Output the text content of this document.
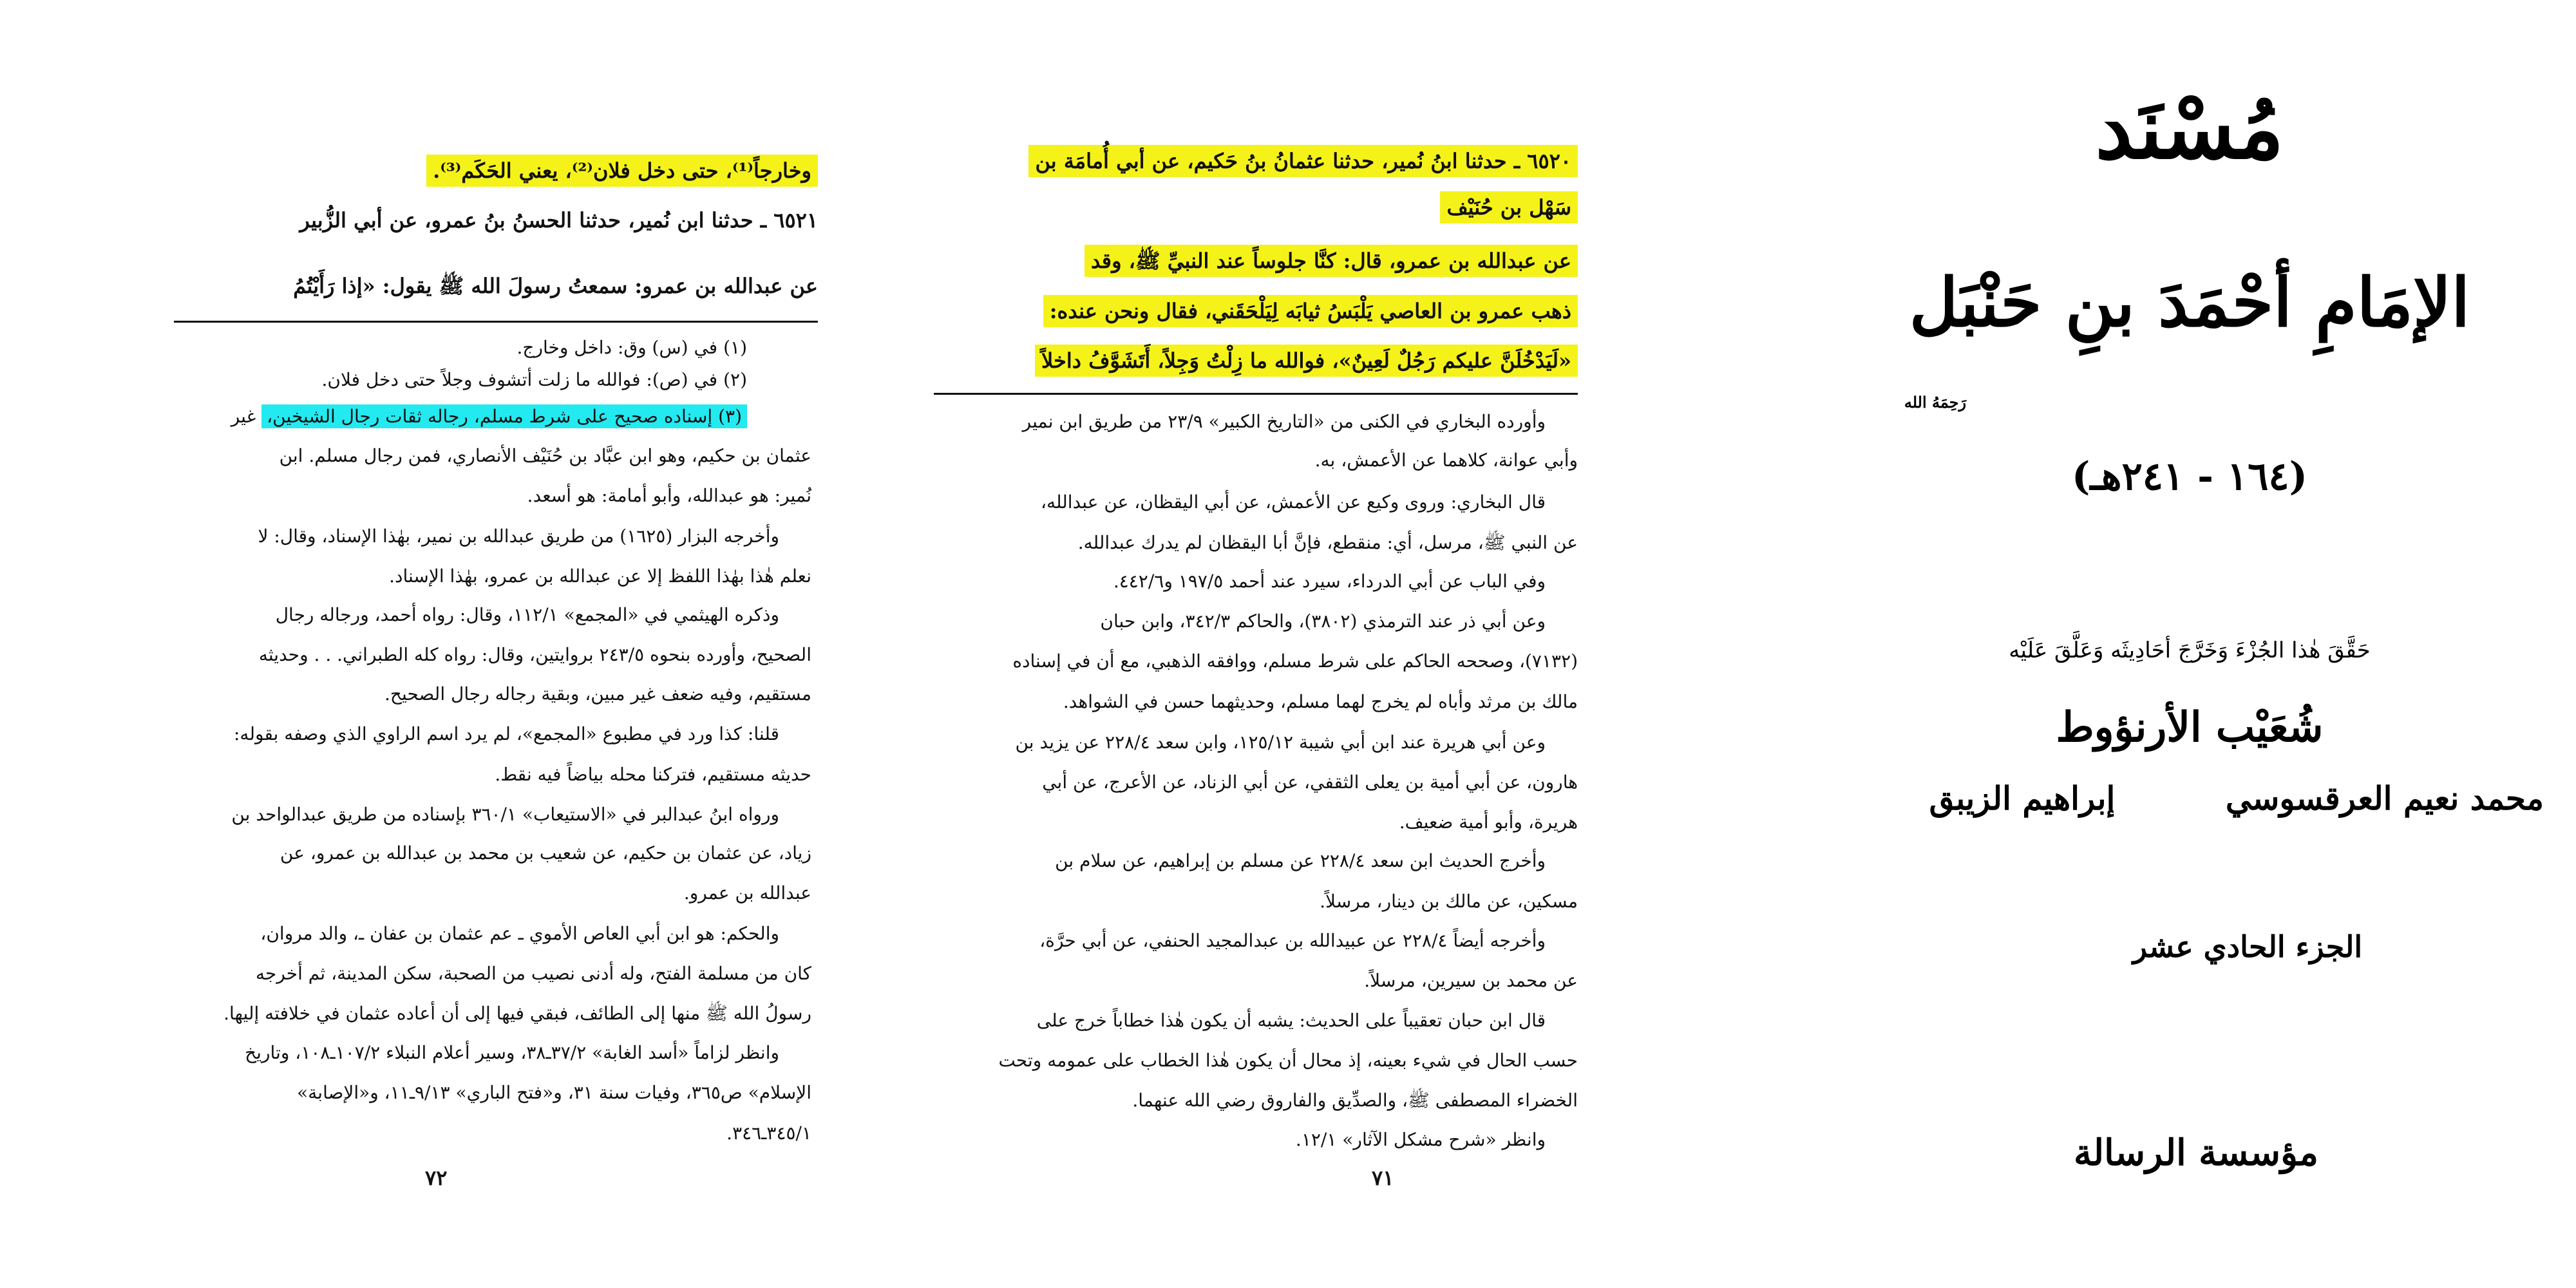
وخارجاً⁽¹⁾، حتى دخل فلان⁽²⁾، يعني الحَكَم⁽³⁾.
٦٥٢١ ـ حدثنا ابن نُمير، حدثنا الحسنُ بنُ عمرو، عن أبي الزُّبير
عن عبدالله بن عمرو: سمعتُ رسولَ الله ﷺ يقول: «إذا رَأَيْتُمُ
(١) في (س) وق: داخل وخارج.
(٢) في (ص): فوالله ما زلت أتشوف وجلاً حتى دخل فلان.
(٣) إسناده صحيح على شرط مسلم، رجاله ثقات رجال الشيخين، غير
عثمان بن حكيم، وهو ابن عبَّاد بن حُنَيْف الأنصاري، فمن رجال مسلم. ابن
نُمير: هو عبدالله، وأبو أمامة: هو أسعد.
وأخرجه البزار (١٦٢٥) من طريق عبدالله بن نمير، بهٰذا الإسناد، وقال: لا
نعلم هٰذا بهٰذا اللفظ إلا عن عبدالله بن عمرو، بهٰذا الإسناد.
وذكره الهيثمي في «المجمع» ١١٢/١، وقال: رواه أحمد، ورجاله رجال
الصحيح، وأورده بنحوه ٢٤٣/٥ بروايتين، وقال: رواه كله الطبراني. . . وحديثه
مستقيم، وفيه ضعف غير مبين، وبقية رجاله رجال الصحيح.
قلنا: كذا ورد في مطبوع «المجمع»، لم يرد اسم الراوي الذي وصفه بقوله:
حديثه مستقيم، فتركنا محله بياضاً فيه نقط.
ورواه ابنُ عبدالبر في «الاستيعاب» ٣٦٠/١ بإسناده من طريق عبدالواحد بن
زياد، عن عثمان بن حكيم، عن شعيب بن محمد بن عبدالله بن عمرو، عن
عبدالله بن عمرو.
والحكم: هو ابن أبي العاص الأموي ـ عم عثمان بن عفان ـ، والد مروان،
كان من مسلمة الفتح، وله أدنى نصيب من الصحبة، سكن المدينة، ثم أخرجه
رسولُ الله ﷺ منها إلى الطائف، فبقي فيها إلى أن أعاده عثمان في خلافته إليها.
وانظر لزاماً «أسد الغابة» ٣٧/٢ـ٣٨، وسير أعلام النبلاء ١٠٧/٢ـ١٠٨، وتاريخ
الإسلام» ص٣٦٥، وفيات سنة ٣١، و«فتح الباري» ٩/١٣ـ١١، و«الإصابة»
٣٤٥/١ـ٣٤٦.
٧٢
٦٥٢٠ ـ حدثنا ابنُ نُمير، حدثنا عثمانُ بنُ حَكيم، عن أبي أُمامَة بن
سَهْل بن حُنَيْف
عن عبدالله بن عمرو، قال: كنَّا جلوساً عند النبيِّ ﷺ، وقد
ذهب عمرو بن العاصي يَلْبَسُ ثيابَه لِيَلْحَقَني، فقال ونحن عنده:
«لَيَدْخُلَنَّ عليكم رَجُلٌ لَعِينٌ»، فوالله ما زِلْتُ وَجِلاً، أَتَشَوَّفُ داخلاً
وأورده البخاري في الكنى من «التاريخ الكبير» ٢٣/٩ من طريق ابن نمير
وأبي عوانة، كلاهما عن الأعمش، به.
قال البخاري: وروى وكيع عن الأعمش، عن أبي اليقظان، عن عبدالله،
عن النبي ﷺ، مرسل، أي: منقطع، فإنَّ أبا اليقظان لم يدرك عبدالله.
وفي الباب عن أبي الدرداء، سيرد عند أحمد ١٩٧/٥ و٤٤٢/٦.
وعن أبي ذر عند الترمذي (٣٨٠٢)، والحاكم ٣٤٢/٣، وابن حبان
(٧١٣٢)، وصححه الحاكم على شرط مسلم، ووافقه الذهبي، مع أن في إسناده
مالك بن مرثد وأباه لم يخرج لهما مسلم، وحديثهما حسن في الشواهد.
وعن أبي هريرة عند ابن أبي شيبة ١٢٥/١٢، وابن سعد ٢٢٨/٤ عن يزيد بن
هارون، عن أبي أمية بن يعلى الثقفي، عن أبي الزناد، عن الأعرج، عن أبي
هريرة، وأبو أمية ضعيف.
وأخرج الحديث ابن سعد ٢٢٨/٤ عن مسلم بن إبراهيم، عن سلام بن
مسكين، عن مالك بن دينار، مرسلاً.
وأخرجه أيضاً ٢٢٨/٤ عن عبيدالله بن عبدالمجيد الحنفي، عن أبي حرَّة،
عن محمد بن سيرين، مرسلاً.
قال ابن حبان تعقيباً على الحديث: يشبه أن يكون هٰذا خطاباً خرج على
حسب الحال في شيء بعينه، إذ محال أن يكون هٰذا الخطاب على عمومه وتحت
الخضراء المصطفى ﷺ، والصدِّيق والفاروق رضي الله عنهما.
وانظر «شرح مشكل الآثار» ١٢/١.
٧١
مُسْنَد
الإمَامِ أحْمَدَ بنِ حَنْبَل
رَحِمَهُ الله
(١٦٤ - ٢٤١هـ)
حَقَّقَ هٰذا الجُزْءَ وَخَرَّجَ أحَادِيثَه وَعَلَّقَ عَلَيْه
شُعَيْب الأرنؤوط
محمد نعيم العرقسوسي
إبراهيم الزيبق
الجزء الحادي عشر
مؤسسة الرسالة
